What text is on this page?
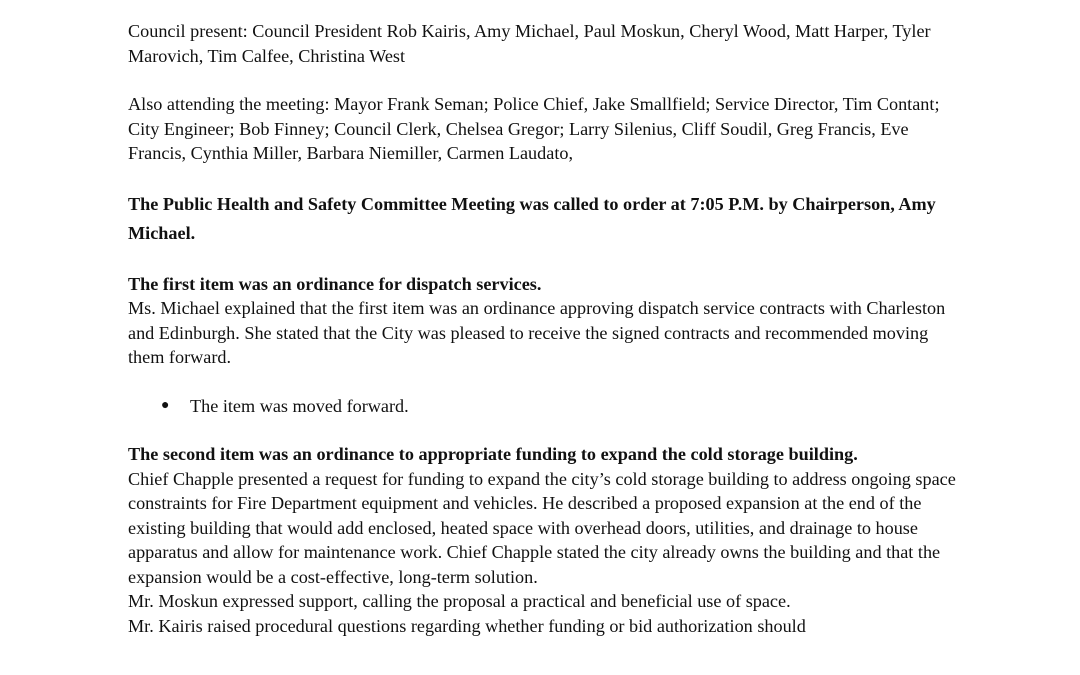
Council present: Council President Rob Kairis, Amy Michael, Paul Moskun, Cheryl Wood, Matt Harper, Tyler Marovich, Tim Calfee, Christina West

Also attending the meeting: Mayor Frank Seman; Police Chief, Jake Smallfield; Service Director, Tim Contant; City Engineer; Bob Finney; Council Clerk, Chelsea Gregor; Larry Silenius, Cliff Soudil, Greg Francis, Eve Francis, Cynthia Miller, Barbara Niemiller, Carmen Laudato,

The Public Health and Safety Committee Meeting was called to order at 7:05 P.M. by Chairperson, Amy Michael.

The first item was an ordinance for dispatch services.

Ms. Michael explained that the first item was an ordinance approving dispatch service contracts with Charleston and Edinburgh. She stated that the City was pleased to receive the signed contracts and recommended moving them forward.

● The item was moved forward.

The second item was an ordinance to appropriate funding to expand the cold storage building.

Chief Chapple presented a request for funding to expand the city’s cold storage building to address ongoing space constraints for Fire Department equipment and vehicles. He described a proposed expansion at the end of the existing building that would add enclosed, heated space with overhead doors, utilities, and drainage to house apparatus and allow for maintenance work. Chief Chapple stated the city already owns the building and that the expansion would be a cost-effective, long-term solution.

Mr. Moskun expressed support, calling the proposal a practical and beneficial use of space.

Mr. Kairis raised procedural questions regarding whether funding or bid authorization should
